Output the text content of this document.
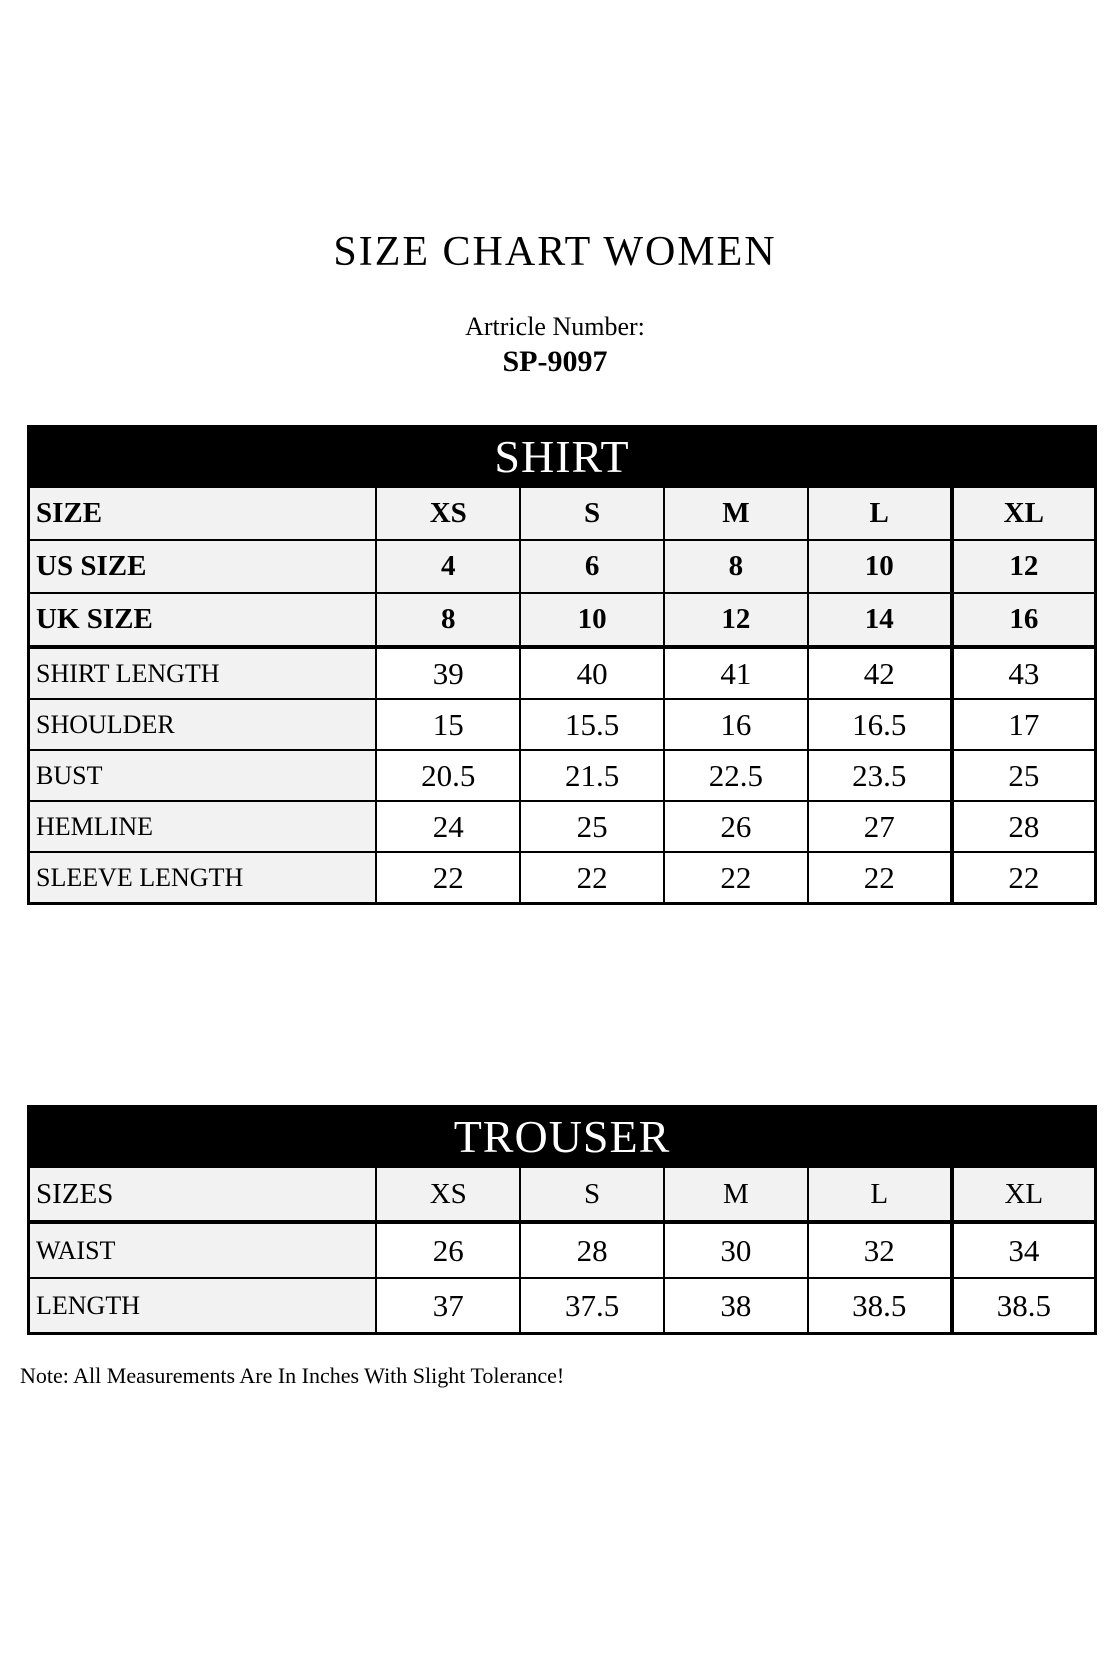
SIZE CHART WOMEN
Artricle Number:
SP-9097
SHIRT					
SIZE	XS	S	M	L	XL
US SIZE	4	6	8	10	12
UK SIZE	8	10	12	14	16
SHIRT LENGTH	39	40	41	42	43
SHOULDER	15	15.5	16	16.5	17
BUST	20.5	21.5	22.5	23.5	25
HEMLINE	24	25	26	27	28
SLEEVE LENGTH	22	22	22	22	22
TROUSER					
SIZES	XS	S	M	L	XL
WAIST	26	28	30	32	34
LENGTH	37	37.5	38	38.5	38.5
Note: All Measurements Are In Inches With Slight Tolerance!
